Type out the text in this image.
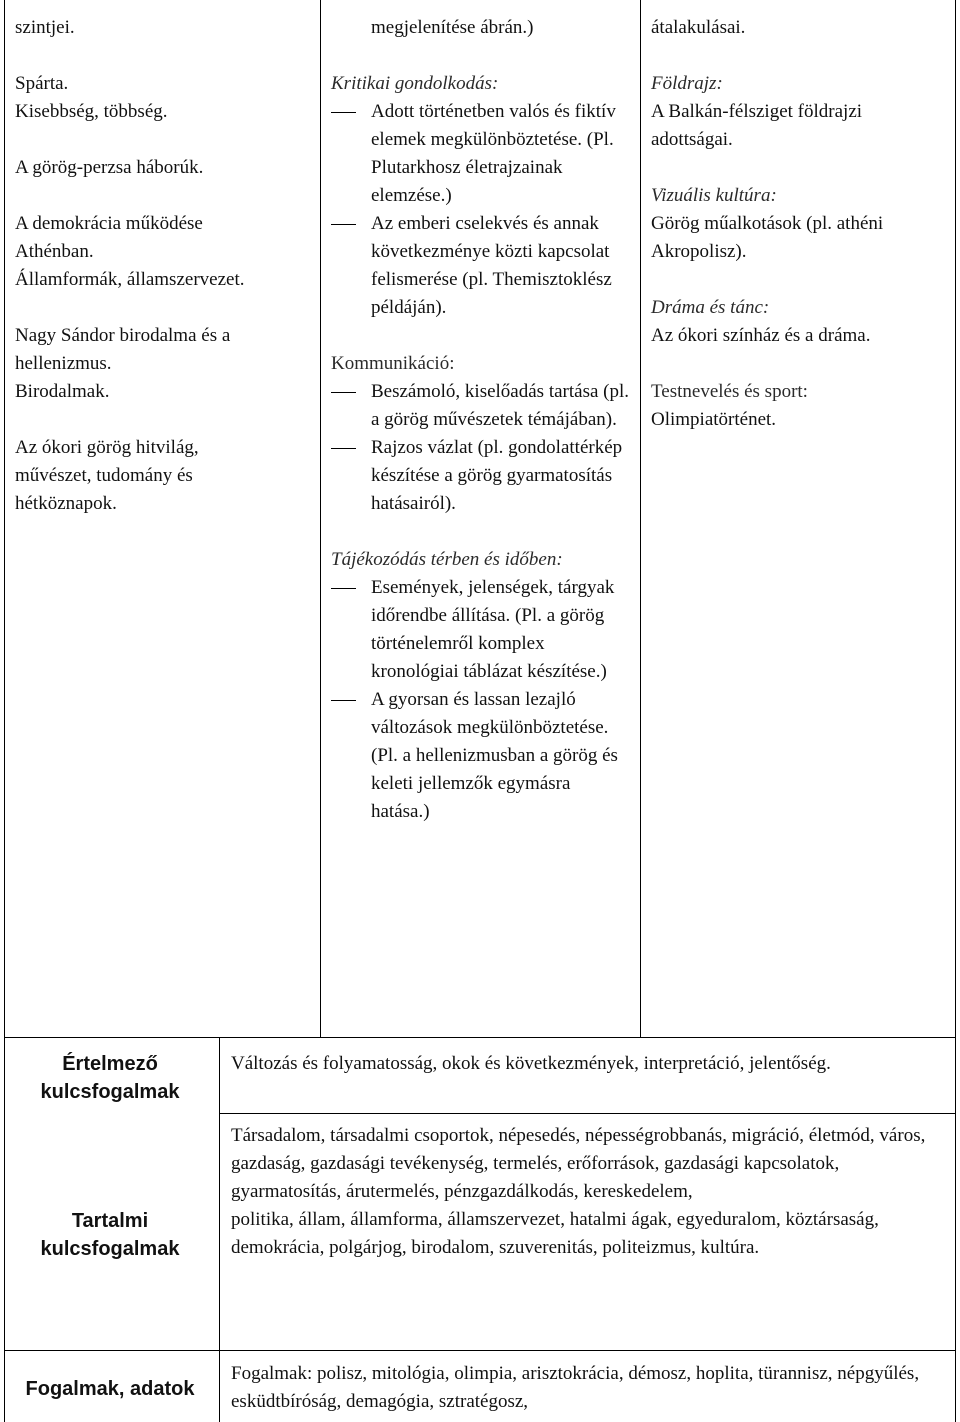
szintjei.

Spárta.

Kisebbség, többség.

A görög-perzsa háborúk.

A demokrácia működése

Athénban.

Államformák, államszervezet.

Nagy Sándor birodalma és a

hellenizmus.

Birodalmak.

Az ókori görög hitvilág,

művészet, tudomány és

hétköznapok.

megjelenítése ábrán.)

Kritikai gondolkodás:

Adott történetben valós és fiktív elemek megkülönböztetése. (Pl. Plutarkhosz életrajzainak elemzése.)
Az emberi cselekvés és annak következménye közti kapcsolat felismerése (pl. Themisztoklész példáján).

Kommunikáció:

Beszámoló, kiselőadás tartása (pl. a görög művészetek témájában).
Rajzos vázlat (pl. gondolattérkép készítése a görög gyarmatosítás hatásairól).

Tájékozódás térben és időben:

Események, jelenségek, tárgyak időrendbe állítása. (Pl. a görög történelemről komplex kronológiai táblázat készítése.)
A gyorsan és lassan lezajló változások megkülönböztetése. (Pl. a hellenizmusban a görög és keleti jellemzők egymásra hatása.)

átalakulásai.

Földrajz:

A Balkán-félsziget földrajzi adottságai.

Vizuális kultúra:

Görög műalkotások (pl. athéni Akropolisz).

Dráma és tánc:

Az ókori színház és a dráma.

Testnevelés és sport:

Olimpiatörténet.

Értelmező kulcsfogalmak
Tartalmi kulcsfogalmak
Fogalmak, adatok
Változás és folyamatosság, okok és következmények, interpretáció, jelentőség.

Társadalom, társadalmi csoportok, népesedés, népességrobbanás, migráció, életmód, város,

gazdaság, gazdasági tevékenység, termelés, erőforrások, gazdasági kapcsolatok, gyarmatosítás, árutermelés, pénzgazdálkodás, kereskedelem,

politika, állam, államforma, államszervezet, hatalmi ágak, egyeduralom, köztársaság, demokrácia, polgárjog, birodalom, szuverenitás, politeizmus, kultúra.

Fogalmak: polisz, mitológia, olimpia, arisztokrácia, démosz, hoplita, türannisz, népgyűlés, esküdtbíróság, demagógia, sztratégosz,
